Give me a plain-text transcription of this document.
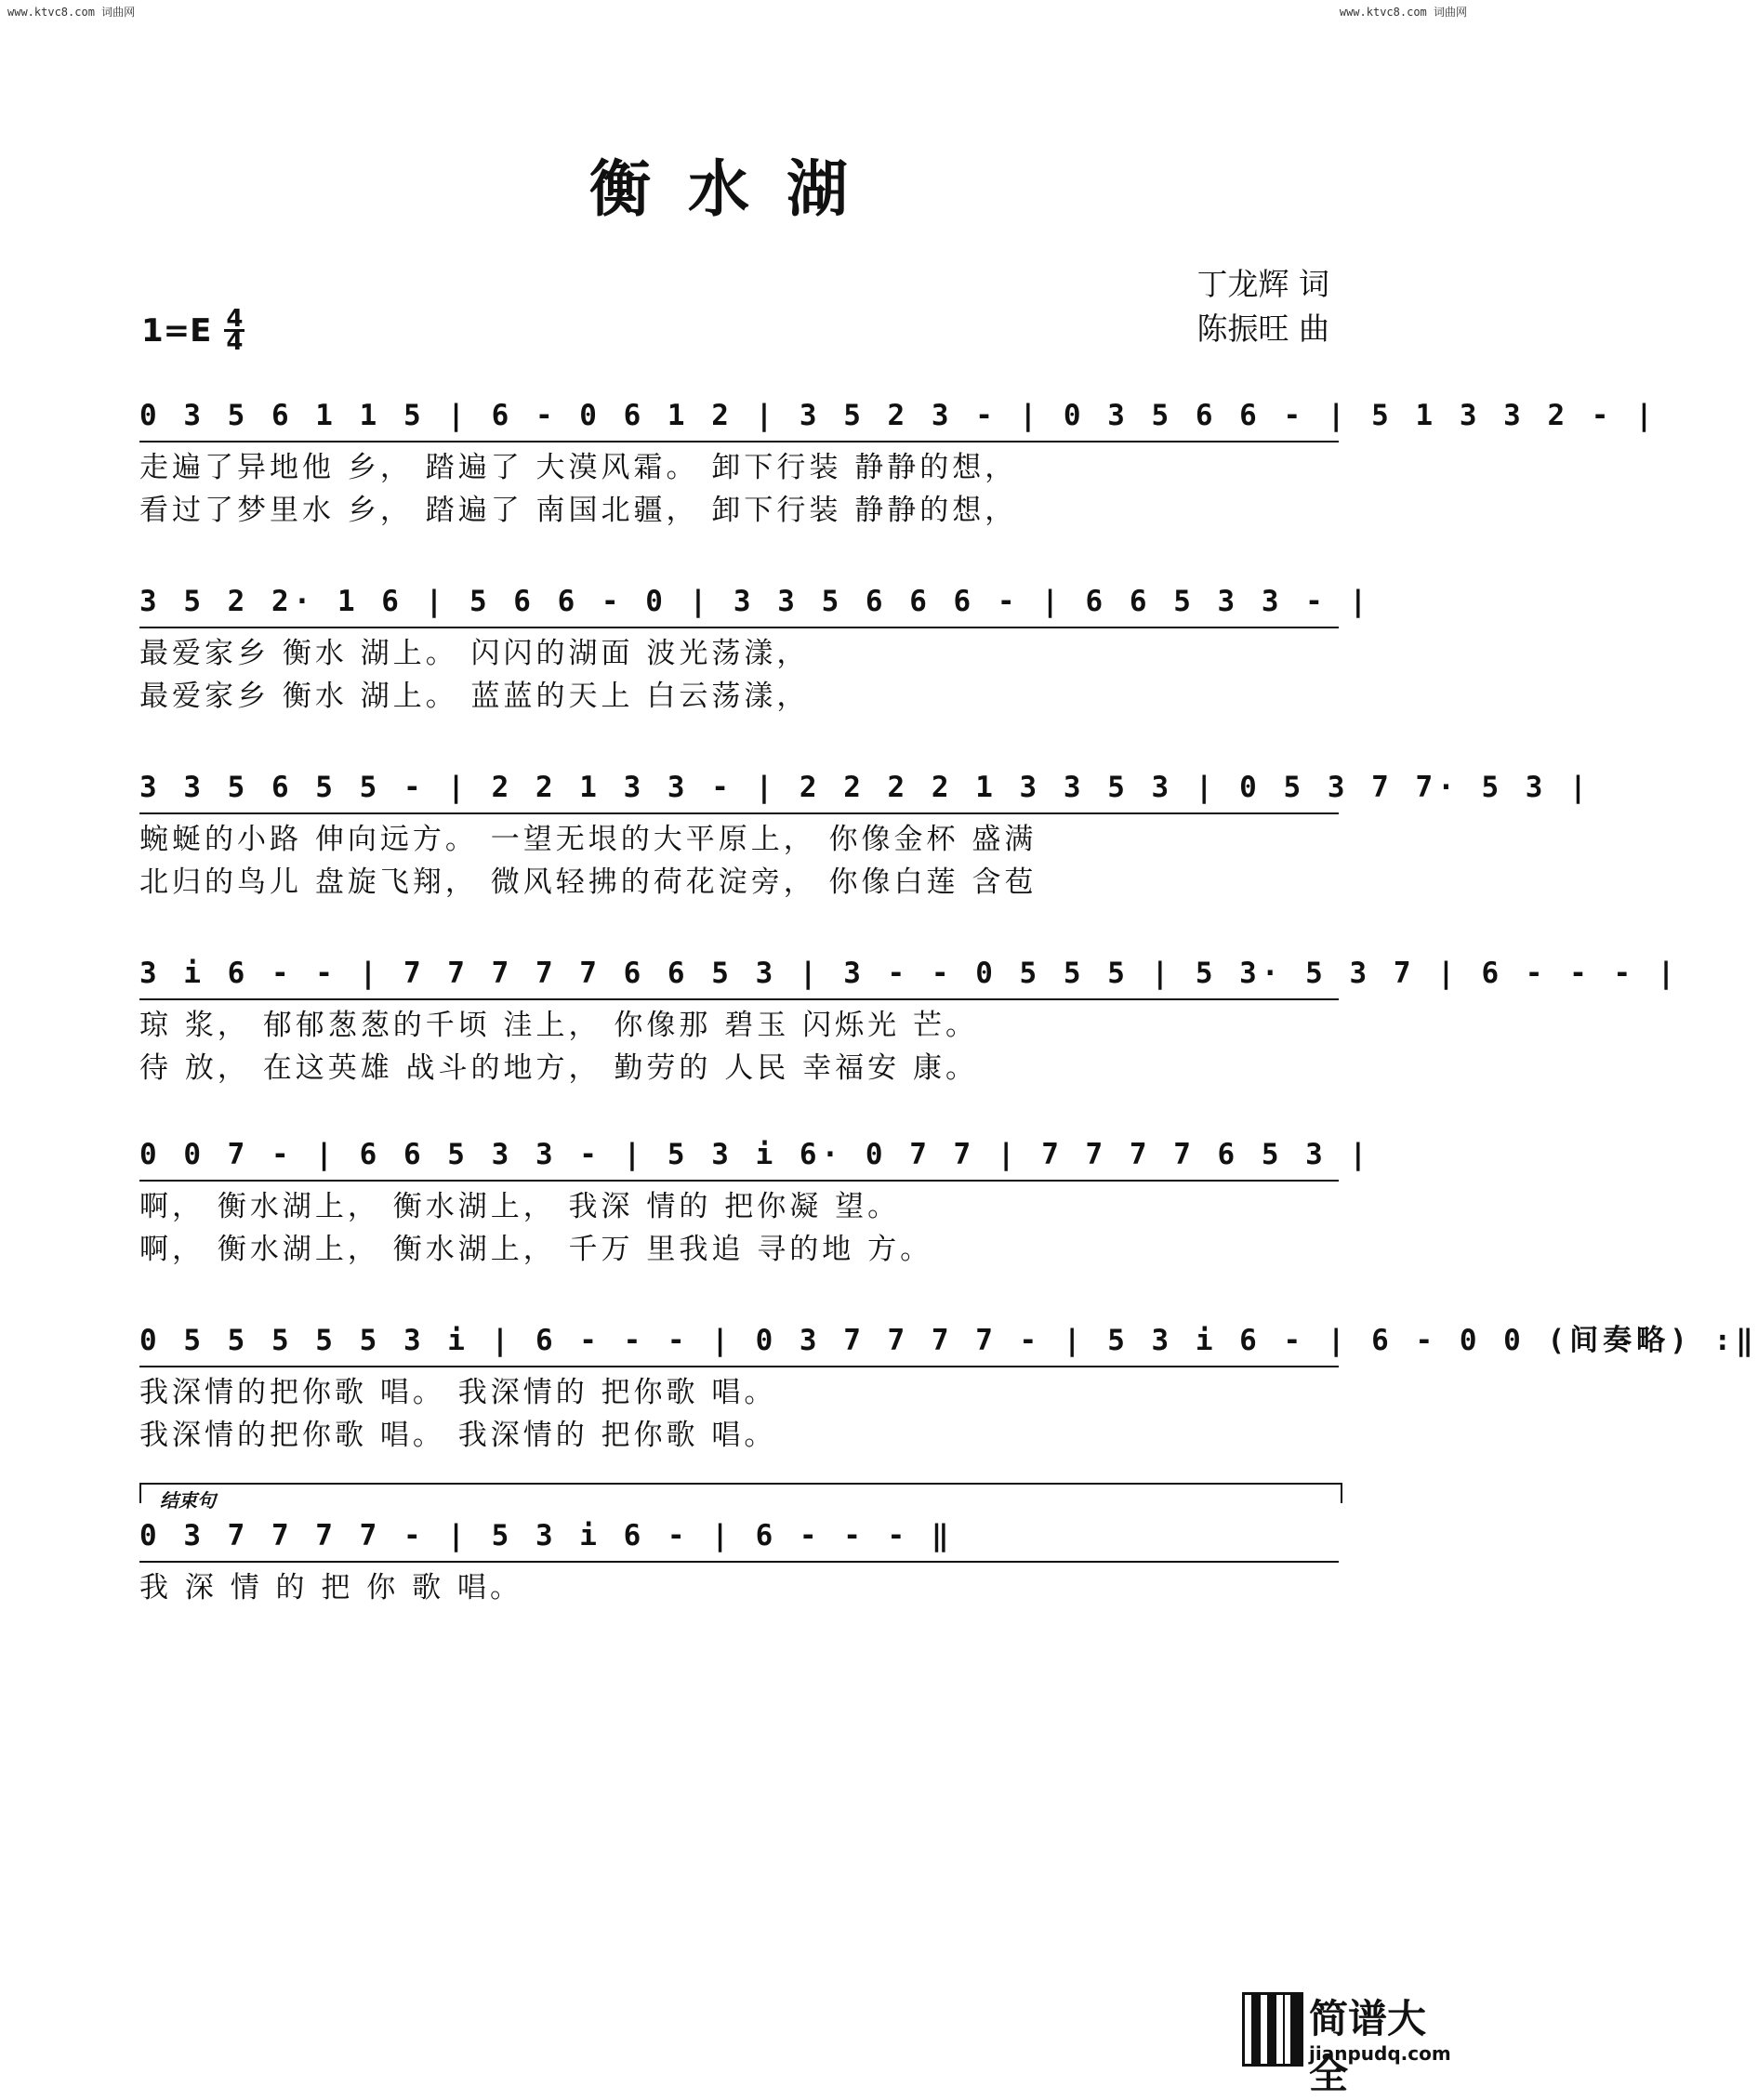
www.ktvc8.com 词曲网	www.ktvc8.com 词曲网
衡水湖
丁龙辉 词
陈振旺 曲
$1=E \frac{4}{4}$
0 3 5 6 1 1 5 | 6 - 0 6 1 2 | 3 5 2 3 - | 0 3 5 6 6 - | 5 1 3 3 2 - |
走遍了异地他 乡， 踏遍了 大漠风霜。 卸下行装 静静的想，
看过了梦里水 乡， 踏遍了 南国北疆， 卸下行装 静静的想，
3 5 2 2· 1 6 | 5 6 6 - 0 | 3 3 5 6 6 6 - | 6 6 5 3 3 - |
最爱家乡 衡水 湖上。 闪闪的湖面 波光荡漾，
最爱家乡 衡水 湖上。 蓝蓝的天上 白云荡漾，
3 3 5 6 5 5 - | 2 2 1 3 3 - | 2 2 2 2 1 3 3 5 3 | 0 5 3 7 7· 5 3 |
蜿蜒的小路 伸向远方。 一望无垠的大平原上， 你像金杯 盛满
北归的鸟儿 盘旋飞翔， 微风轻拂的荷花淀旁， 你像白莲 含苞
3 i 6 - - | 7 7 7 7 7 6 6 5 3 | 3 - - 0 5 5 5 | 5 3· 5 3 7 | 6 - - - |
琼 浆， 郁郁葱葱的千顷 洼上， 你像那 碧玉 闪烁光 芒。
待 放， 在这英雄 战斗的地方， 勤劳的 人民 幸福安 康。
0 0 7 - | 6 6 5 3 3 - | 5 3 i 6· 0 7 7 | 7 7 7 7 6 5 3 |
啊， 衡水湖上， 衡水湖上， 我深 情的 把你凝 望。
啊， 衡水湖上， 衡水湖上， 千万 里我追 寻的地 方。
0 5 5 5 5 5 3 i | 6 - - - | 0 3 7 7 7 7 - | 5 3 i 6 - | 6 - 0 0 (间奏略) :‖
我深情的把你歌 唱。 我深情的 把你歌 唱。
我深情的把你歌 唱。 我深情的 把你歌 唱。
结束句
0 3 7 7 7 7 - | 5 3 i 6 - | 6 - - - ‖
我 深 情 的 把 你 歌 唱。
简谱大全
jianpudq.com
